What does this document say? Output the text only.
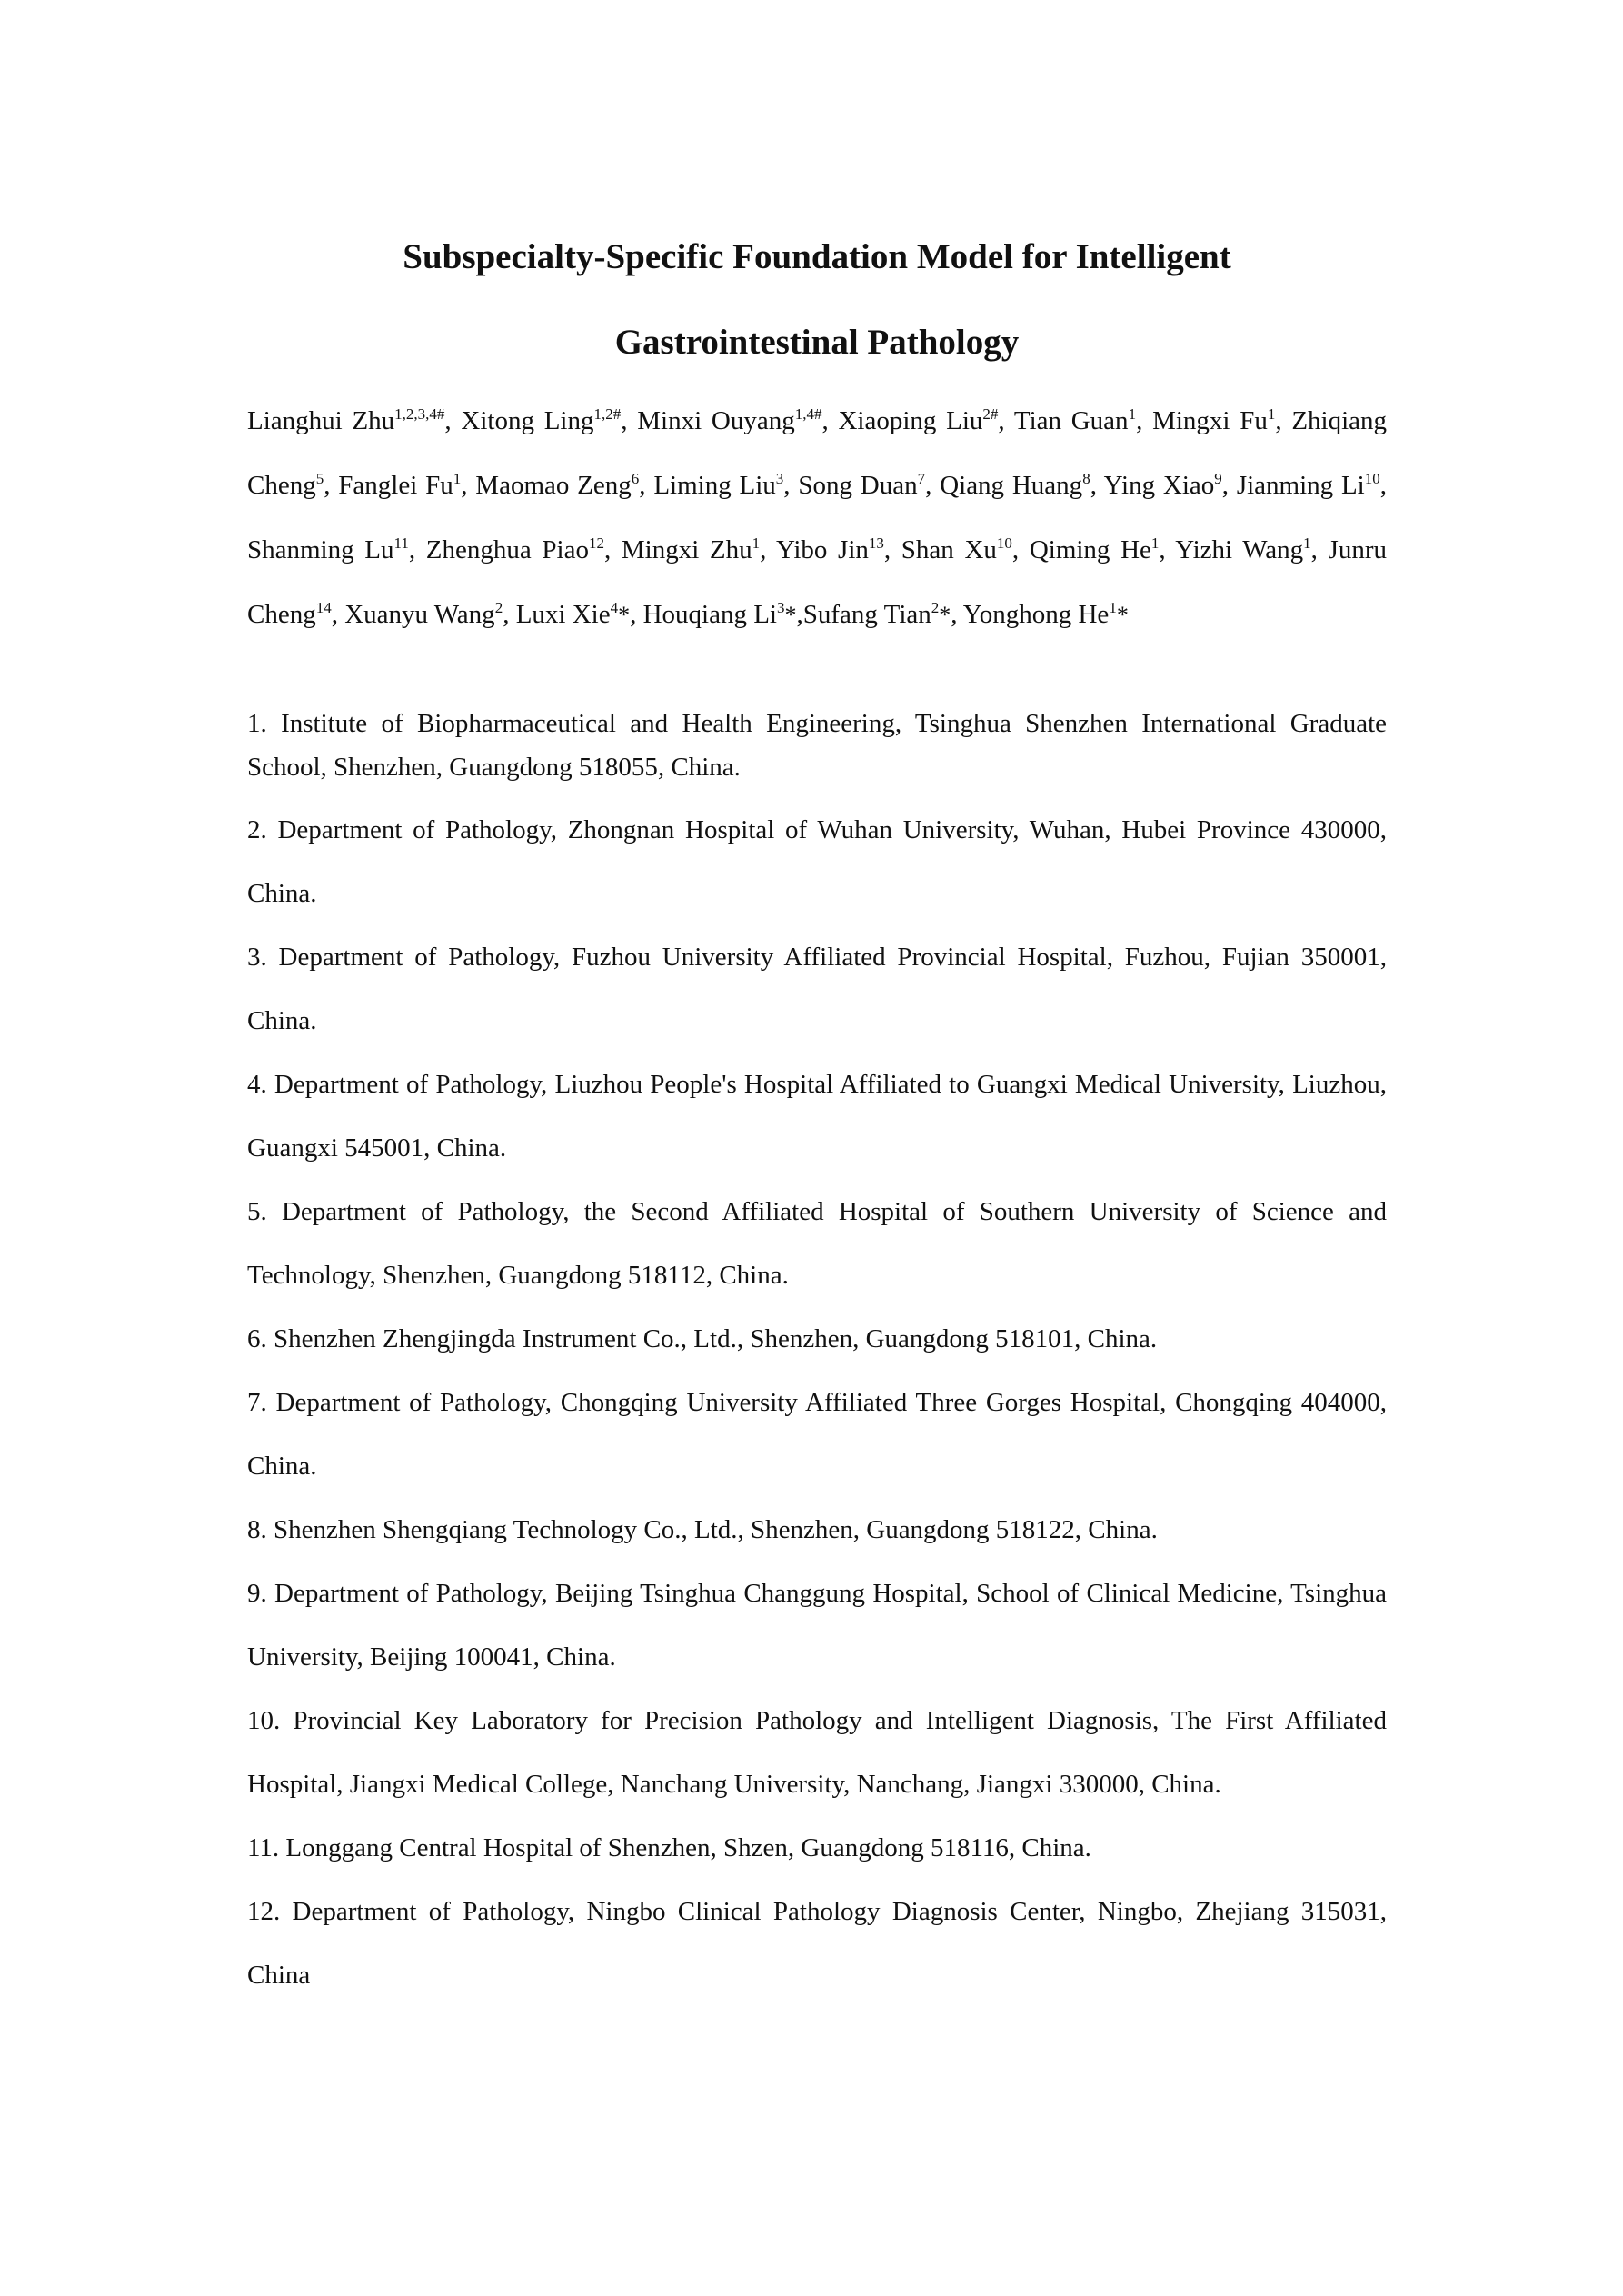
Subspecialty-Specific Foundation Model for Intelligent
Gastrointestinal Pathology
Lianghui Zhu$^{1,2,3,4\#}$, Xitong Ling$^{1,2\#}$, Minxi Ouyang$^{1,4\#}$, Xiaoping Liu$^{2\#}$, Tian Guan$^1$, Mingxi Fu$^1$, Zhiqiang Cheng$^5$, Fanglei Fu$^1$, Maomao Zeng$^6$, Liming Liu$^3$, Song Duan$^7$, Qiang Huang$^8$, Ying Xiao$^9$, Jianming Li$^{10}$, Shanming Lu$^{11}$, Zhenghua Piao$^{12}$, Mingxi Zhu$^1$, Yibo Jin$^{13}$, Shan Xu$^{10}$, Qiming He$^1$, Yizhi Wang$^1$, Junru Cheng$^{14}$, Xuanyu Wang$^2$, Luxi Xie$^4$*, Houqiang Li$^3$*,Sufang Tian$^2$*, Yonghong He$^1$*
1. Institute of Biopharmaceutical and Health Engineering, Tsinghua Shenzhen International Graduate School, Shenzhen, Guangdong 518055, China.
2. Department of Pathology, Zhongnan Hospital of Wuhan University, Wuhan, Hubei Province 430000, China.
3. Department of Pathology, Fuzhou University Affiliated Provincial Hospital, Fuzhou, Fujian 350001, China.
4. Department of Pathology, Liuzhou People's Hospital Affiliated to Guangxi Medical University, Liuzhou, Guangxi 545001, China.
5. Department of Pathology, the Second Affiliated Hospital of Southern University of Science and Technology, Shenzhen, Guangdong 518112, China.
6. Shenzhen Zhengjingda Instrument Co., Ltd., Shenzhen, Guangdong 518101, China.
7. Department of Pathology, Chongqing University Affiliated Three Gorges Hospital, Chongqing 404000, China.
8. Shenzhen Shengqiang Technology Co., Ltd., Shenzhen, Guangdong 518122, China.
9. Department of Pathology, Beijing Tsinghua Changgung Hospital, School of Clinical Medicine, Tsinghua University, Beijing 100041, China.
10. Provincial Key Laboratory for Precision Pathology and Intelligent Diagnosis, The First Affiliated Hospital, Jiangxi Medical College, Nanchang University, Nanchang, Jiangxi 330000, China.
11. Longgang Central Hospital of Shenzhen, Shzen, Guangdong 518116, China.
12. Department of Pathology, Ningbo Clinical Pathology Diagnosis Center, Ningbo, Zhejiang 315031, China
